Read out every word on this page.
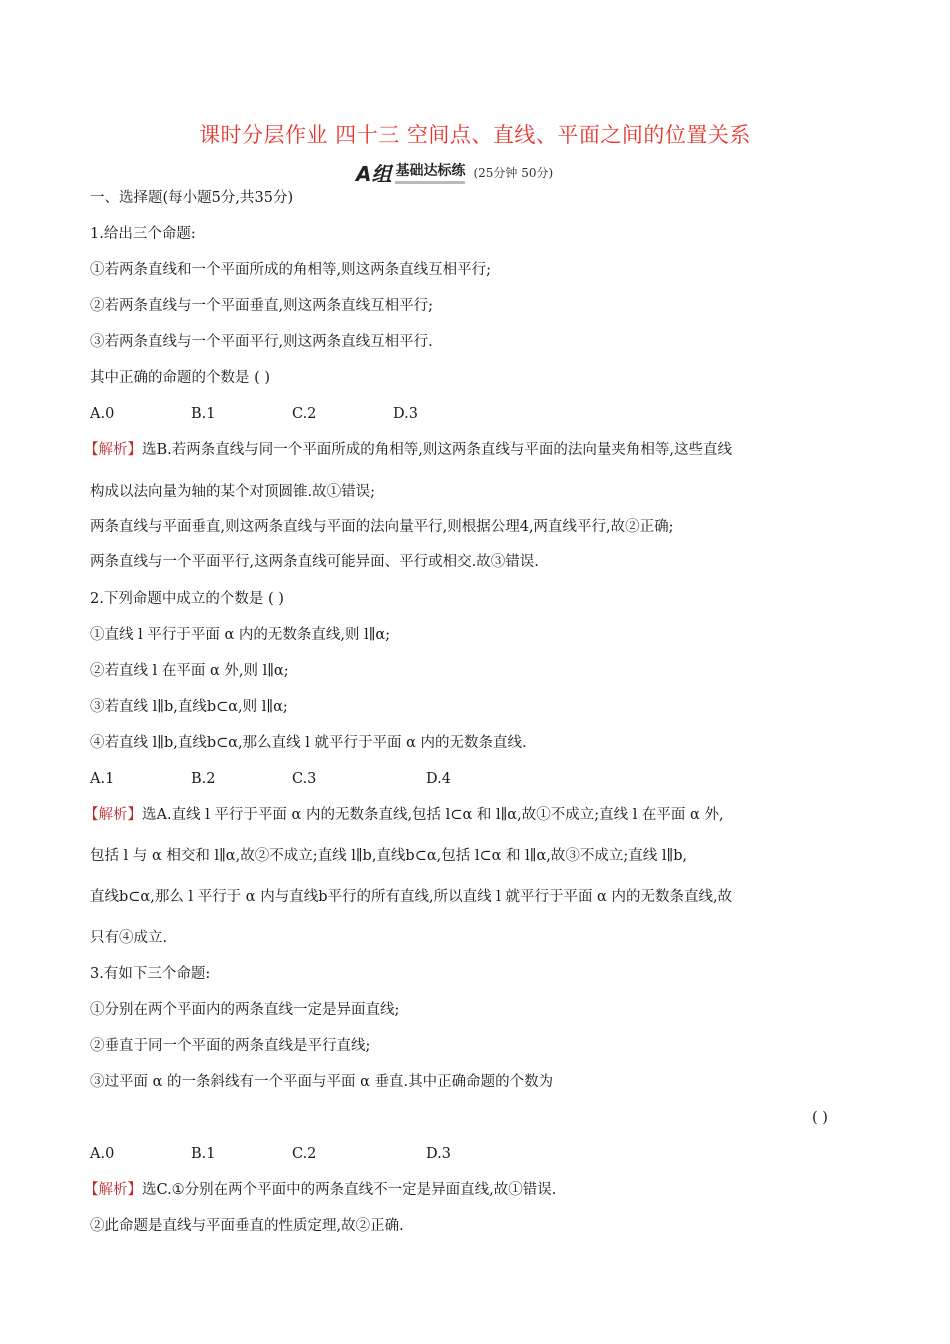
课时分层作业 四十三 空间点、直线、平面之间的位置关系
A组 基础达标练 (25分钟 50分)
一、选择题(每小题5分,共35分)
1.给出三个命题:
①若两条直线和一个平面所成的角相等,则这两条直线互相平行;
②若两条直线与一个平面垂直,则这两条直线互相平行;
③若两条直线与一个平面平行,则这两条直线互相平行.
其中正确的命题的个数是 ( )
A.0	B.1	C.2	D.3
【解析】选B.若两条直线与同一个平面所成的角相等,则这两条直线与平面的法向量夹角相等,这些直线
构成以法向量为轴的某个对顶圆锥.故①错误;
两条直线与平面垂直,则这两条直线与平面的法向量平行,则根据公理4,两直线平行,故②正确;
两条直线与一个平面平行,这两条直线可能异面、平行或相交.故③错误.
2.下列命题中成立的个数是 ( )
①直线 l 平行于平面 α 内的无数条直线,则 l∥α;
②若直线 l 在平面 α 外,则 l∥α;
③若直线 l∥b,直线b⊂α,则 l∥α;
④若直线 l∥b,直线b⊂α,那么直线 l 就平行于平面 α 内的无数条直线.
A.1	B.2	C.3	D.4
【解析】选A.直线 l 平行于平面 α 内的无数条直线,包括 l⊂α 和 l∥α,故①不成立;直线 l 在平面 α 外,
包括 l 与 α 相交和 l∥α,故②不成立;直线 l∥b,直线b⊂α,包括 l⊂α 和 l∥α,故③不成立;直线 l∥b,
直线b⊂α,那么 l 平行于 α 内与直线b平行的所有直线,所以直线 l 就平行于平面 α 内的无数条直线,故
只有④成立.
3.有如下三个命题:
①分别在两个平面内的两条直线一定是异面直线;
②垂直于同一个平面的两条直线是平行直线;
③过平面 α 的一条斜线有一个平面与平面 α 垂直.其中正确命题的个数为
( )
A.0	B.1	C.2	D.3
【解析】选C.①分别在两个平面中的两条直线不一定是异面直线,故①错误.
②此命题是直线与平面垂直的性质定理,故②正确.
